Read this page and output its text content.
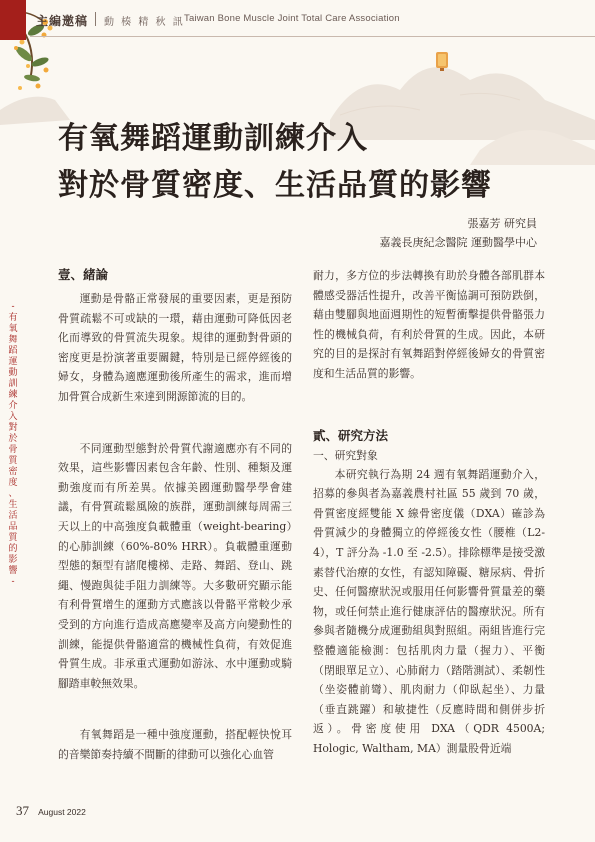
主編邀稿 動 楱 精 秋 訊 Taiwan Bone Muscle Joint Total Care Association
有氧舞蹈運動訓練介入
對於骨質密度、生活品質的影響
張嘉芳 研究員
嘉義長庚紀念醫院 運動醫學中心
-
有
氧
舞
蹈
運
動
訓
練
介
入
對
於
骨
質
密
度
、
生
活
品
質
的
影
響
-
壹、緒論

運動是骨骼正常發展的重要因素，更是預防骨質疏鬆不可或缺的一環，藉由運動可降低因老化而導致的骨質流失現象。規律的運動對骨頭的密度更是扮演著重要關鍵，特別是已經停經後的婦女，身體為適應運動後所產生的需求，進而增加骨質合成新生來達到開源節流的目的。

不同運動型態對於骨質代謝適應亦有不同的效果，這些影響因素包含年齡、性別、種類及運動強度而有所差異。依據美國運動醫學學會建議，有骨質疏鬆風險的族群，運動訓練每周需三天以上的中高強度負載體重（weight-bearing）的心肺訓練（60%-80% HRR）。負載體重運動型態的類型有諸爬樓梯、走路、舞蹈、登山、跳繩、慢跑與徒手阻力訓練等。大多數研究顯示能有利骨質增生的運動方式應該以骨骼平常較少承受到的方向進行造成高應變率及高方向變動性的訓練，能提供骨骼適當的機械性負荷，有效促進骨質生成。非承重式運動如游泳、水中運動或騎腳踏車較無效果。

有氧舞蹈是一種中強度運動，搭配輕快悅耳的音樂節奏持續不間斷的律動可以強化心血管

耐力，多方位的步法轉換有助於身體各部肌群本體感受器活性提升，改善平衡協調可預防跌倒，藉由雙腳與地面週期性的短暫衝擊提供骨骼張力性的機械負荷，有利於骨質的生成。因此，本研究的目的是探討有氧舞蹈對停經後婦女的骨質密度和生活品質的影響。

貳、研究方法
一、研究對象

本研究執行為期 24 週有氧舞蹈運動介入，招募的參與者為嘉義農村社區 55 歲到 70 歲，骨質密度經雙能 X 線骨密度儀（DXA）確診為骨質減少的身體獨立的停經後女性（腰椎（L2-4），T 評分為 -1.0 至 -2.5）。排除標準是接受激素替代治療的女性，有認知障礙、糖尿病、骨折史、任何醫療狀況或服用任何影響骨質量差的藥物，或任何禁止進行健康評估的醫療狀況。所有參與者隨機分成運動組與對照組。兩組皆進行完整體適能檢測：包括肌肉力量（握力）、平衡（閉眼單足立）、心肺耐力（踏階測試）、柔韌性（坐姿體前彎）、肌肉耐力（仰臥起坐）、力量（垂直跳躍）和敏捷性（反應時間和側併步折返）。骨密度使用 DXA（QDR 4500A; Hologic, Waltham, MA）測量股骨近端

37 August 2022
